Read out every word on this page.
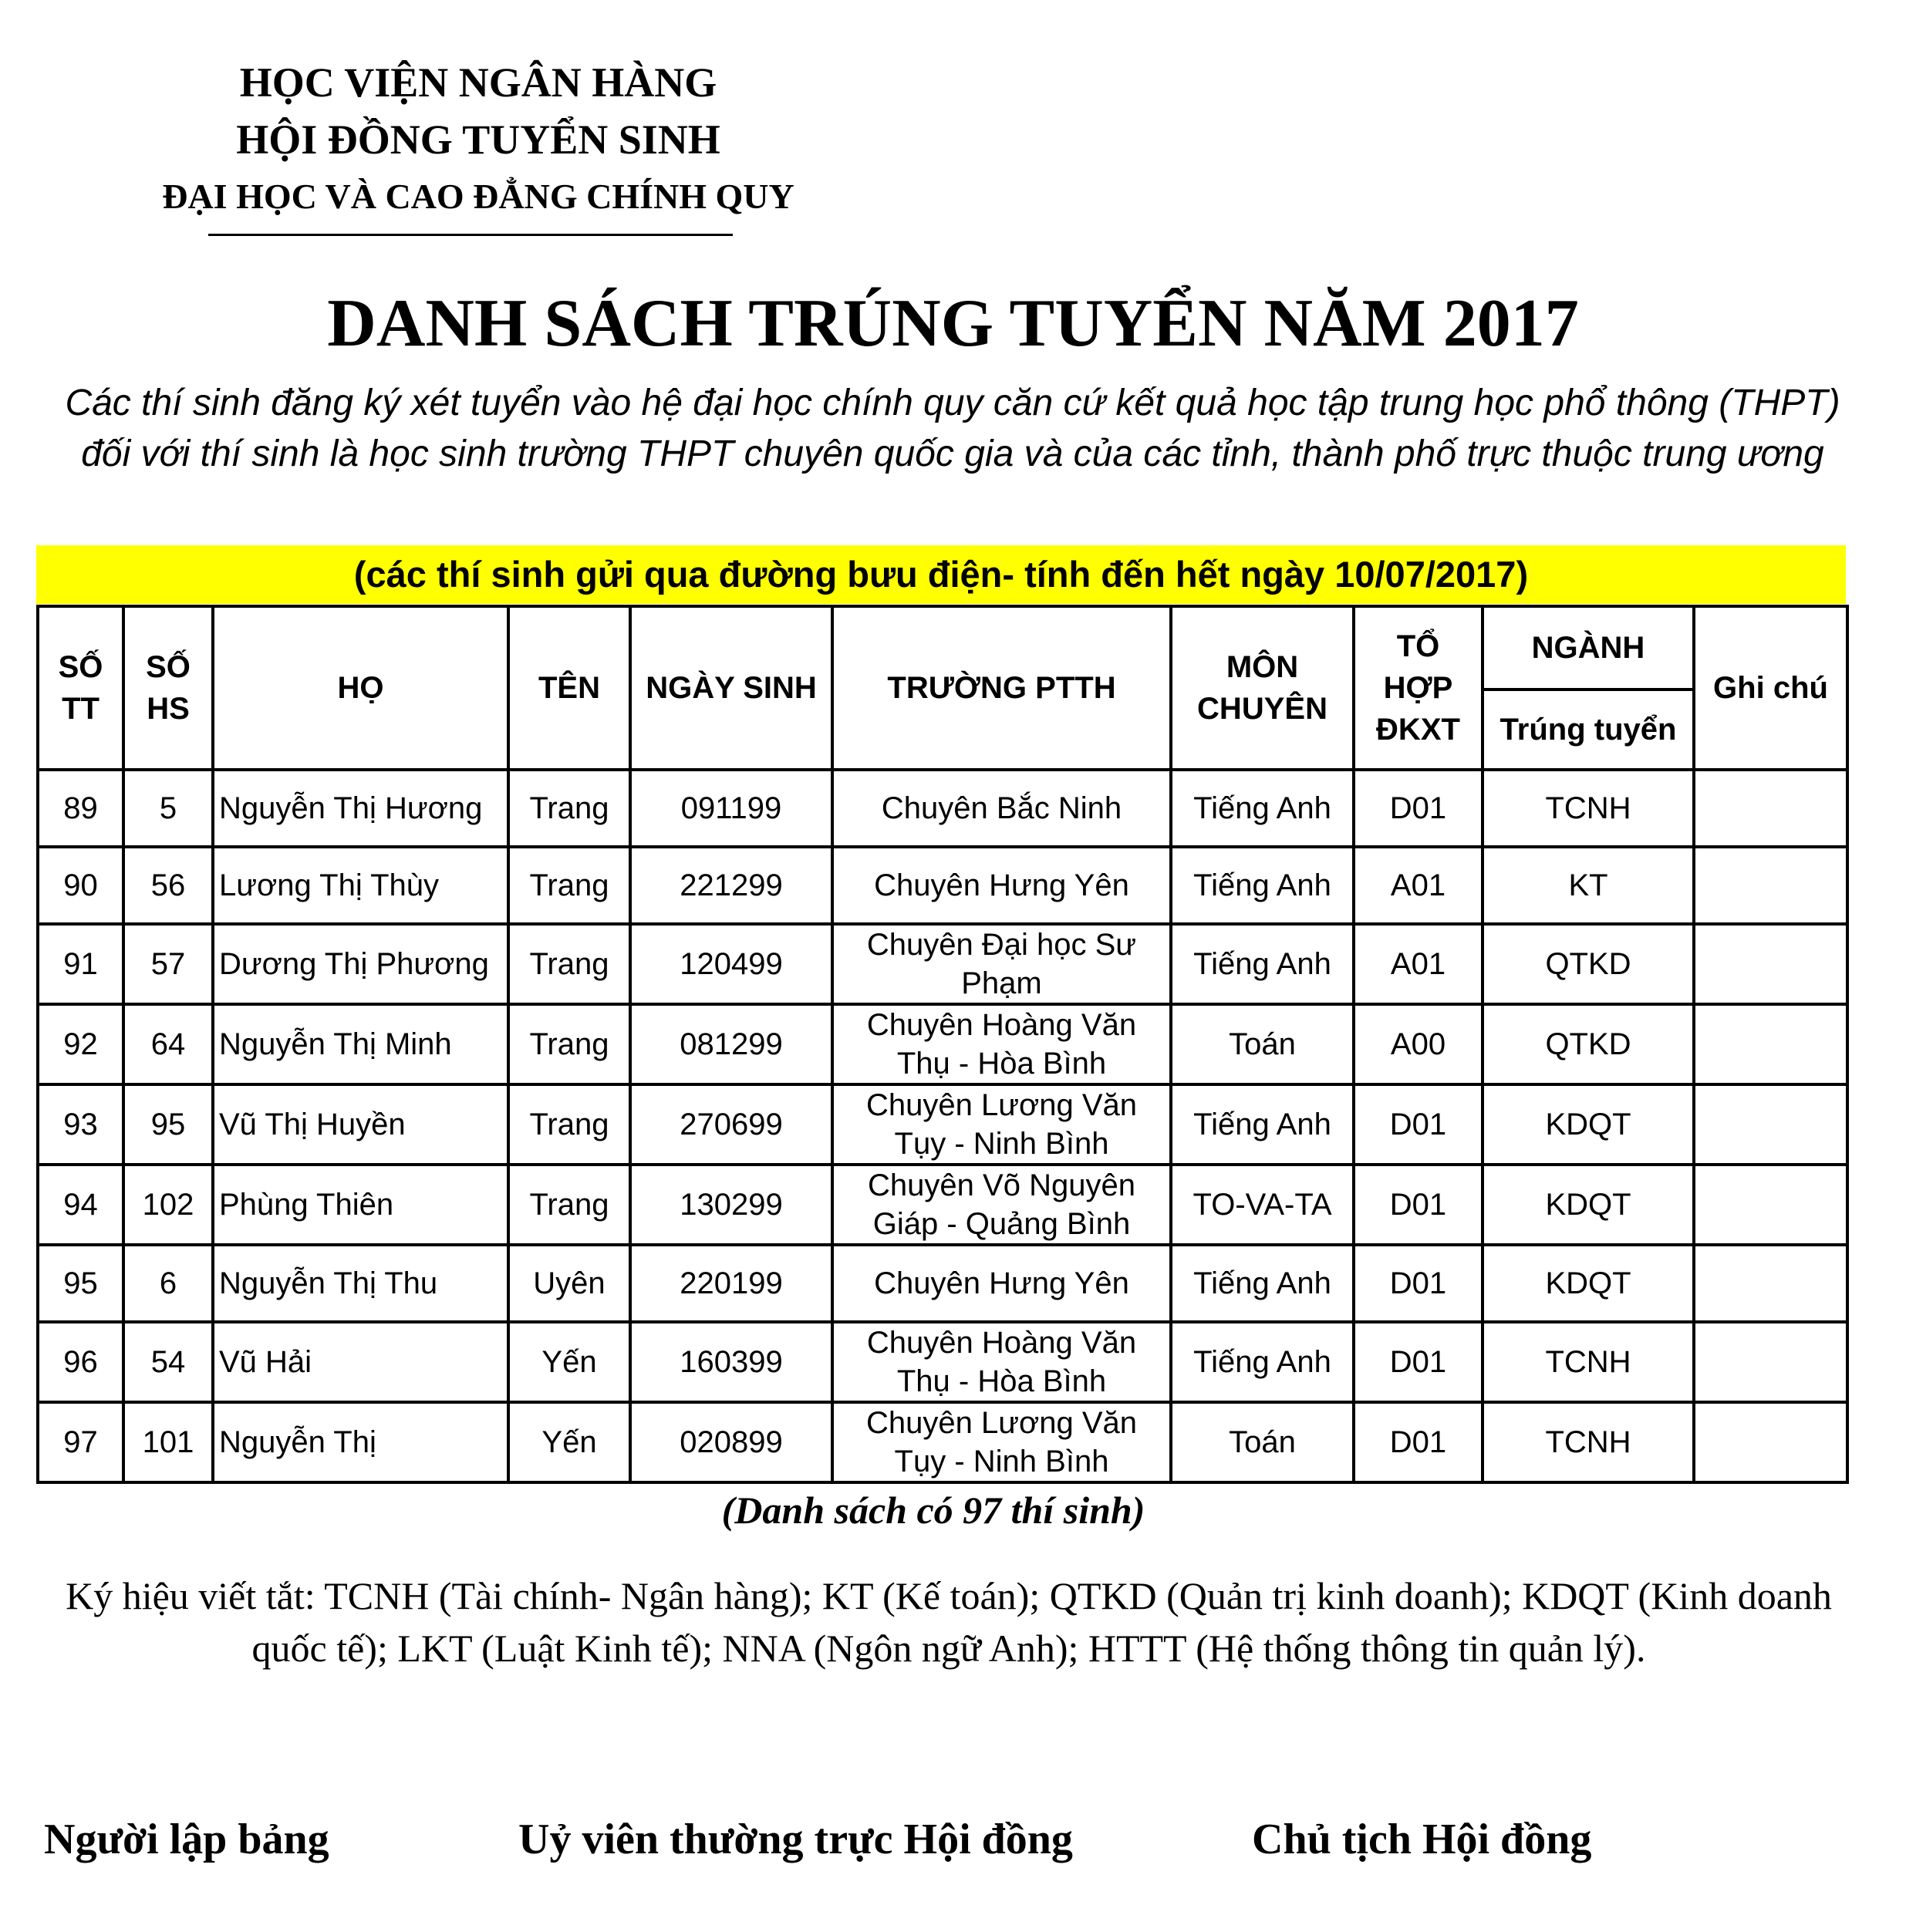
HỌC VIỆN NGÂN HÀNG
HỘI ĐỒNG TUYỂN SINH
ĐẠI HỌC VÀ CAO ĐẲNG CHÍNH QUY
DANH SÁCH TRÚNG TUYỂN NĂM 2017

Các thí sinh đăng ký xét tuyển vào hệ đại học chính quy căn cứ kết quả học tập trung học phổ thông (THPT) đối với thí sinh là học sinh trường THPT chuyên quốc gia và của các tỉnh, thành phố trực thuộc trung ương

(các thí sinh gửi qua đường bưu điện- tính đến hết ngày 10/07/2017)
SỐ TT	SỐ HS	HỌ	TÊN	NGÀY SINH	TRƯỜNG PTTH	MÔN CHUYÊN	TỔ HỢP ĐKXT	NGÀNH	Ghi chú
								Trúng tuyển	
89	5	Nguyễn Thị Hương	Trang	091199	Chuyên Bắc Ninh	Tiếng Anh	D01	TCNH	
90	56	Lương Thị Thùy	Trang	221299	Chuyên Hưng Yên	Tiếng Anh	A01	KT	
91	57	Dương Thị Phương	Trang	120499	Chuyên Đại học Sư Phạm	Tiếng Anh	A01	QTKD	
92	64	Nguyễn Thị Minh	Trang	081299	Chuyên Hoàng Văn Thụ - Hòa Bình	Toán	A00	QTKD	
93	95	Vũ Thị Huyền	Trang	270699	Chuyên Lương Văn Tụy - Ninh Bình	Tiếng Anh	D01	KDQT	
94	102	Phùng Thiên	Trang	130299	Chuyên Võ Nguyên Giáp - Quảng Bình	TO-VA-TA	D01	KDQT	
95	6	Nguyễn Thị Thu	Uyên	220199	Chuyên Hưng Yên	Tiếng Anh	D01	KDQT	
96	54	Vũ Hải	Yến	160399	Chuyên Hoàng Văn Thụ - Hòa Bình	Tiếng Anh	D01	TCNH	
97	101	Nguyễn Thị	Yến	020899	Chuyên Lương Văn Tụy - Ninh Bình	Toán	D01	TCNH	
(Danh sách có 97 thí sinh)
Ký hiệu viết tắt: TCNH (Tài chính- Ngân hàng); KT (Kế toán); QTKD (Quản trị kinh doanh); KDQT (Kinh doanh quốc tế); LKT (Luật Kinh tế); NNA (Ngôn ngữ Anh); HTTT (Hệ thống thông tin quản lý).
Người lập bảng	Uỷ viên thường trực Hội đồng	Chủ tịch Hội đồng
